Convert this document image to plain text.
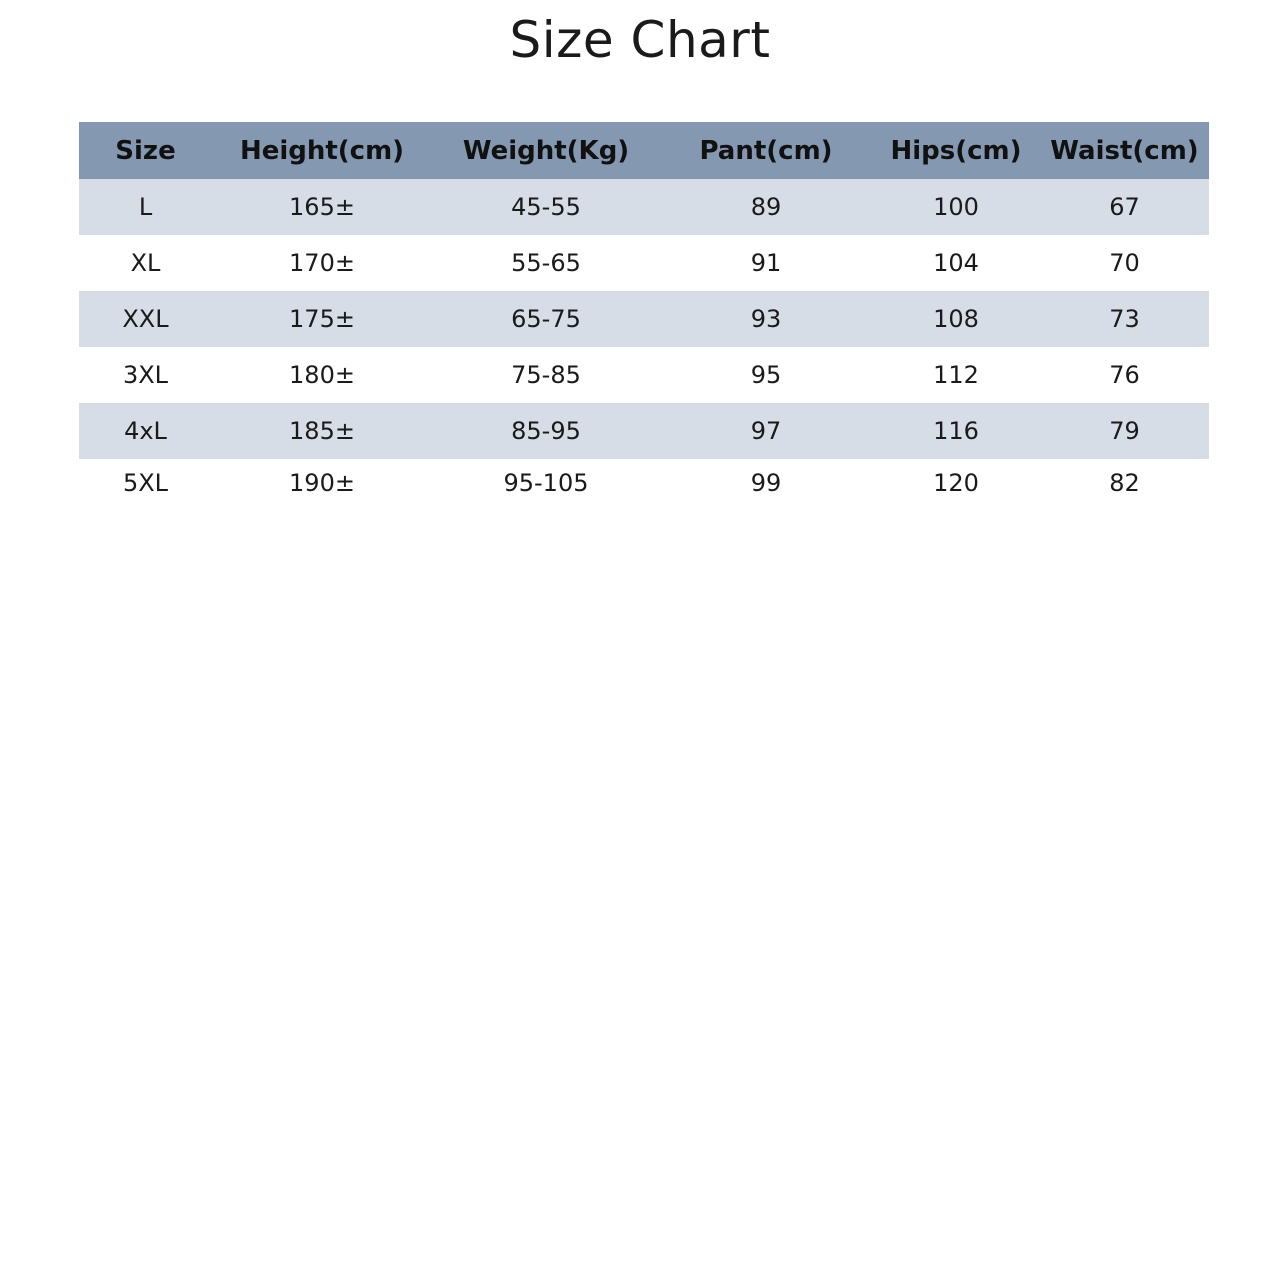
Size Chart
Size	Height(cm)	Weight(Kg)	Pant(cm)	Hips(cm)	Waist(cm)
L	165±	45-55	89	100	67
XL	170±	55-65	91	104	70
XXL	175±	65-75	93	108	73
3XL	180±	75-85	95	112	76
4xL	185±	85-95	97	116	79
5XL	190±	95-105	99	120	82
